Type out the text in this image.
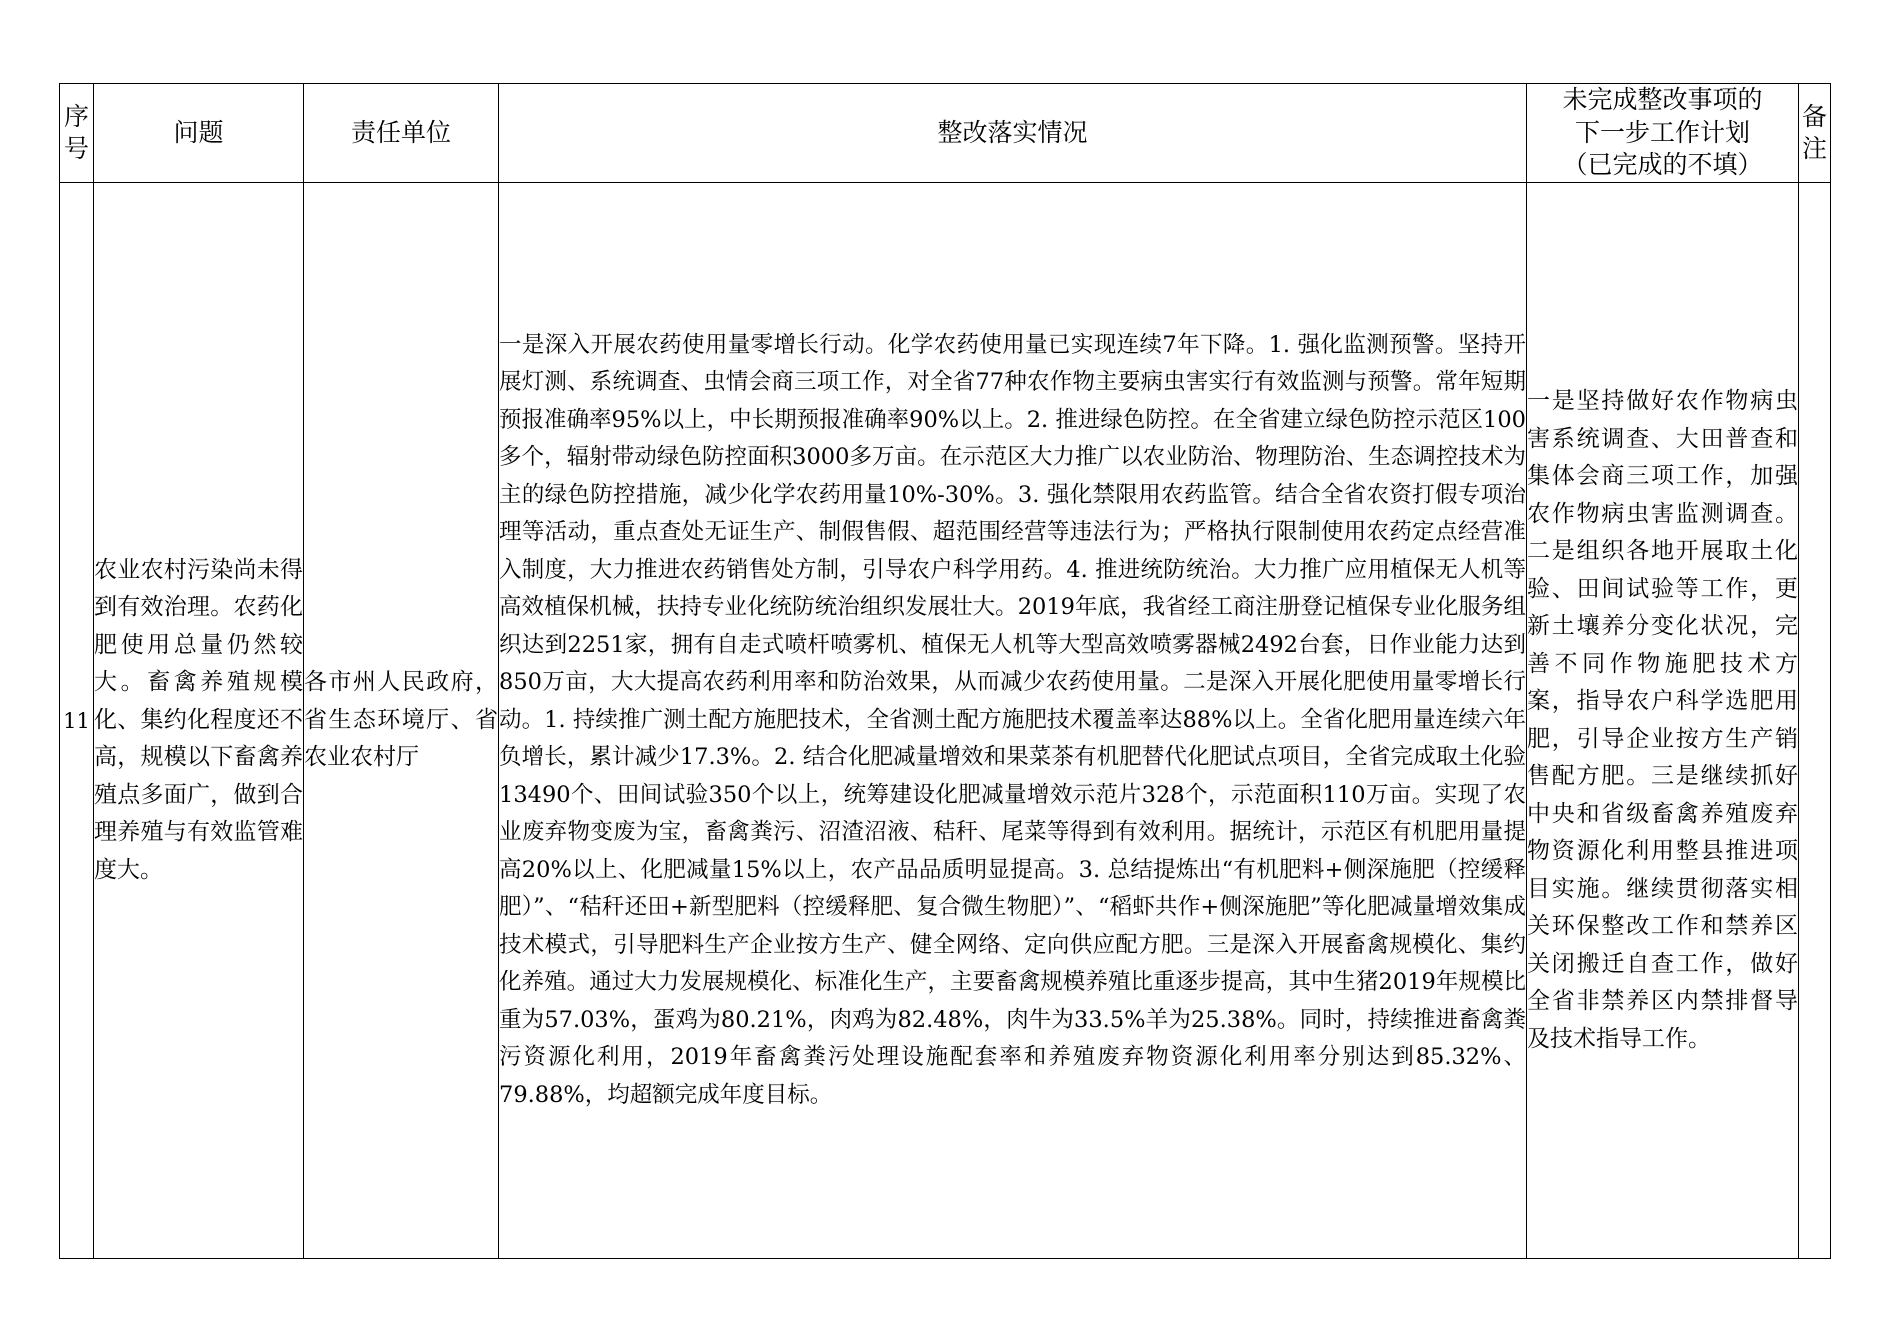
序号	问题	责任单位	整改落实情况	未完成整改事项的
下一步工作计划
（已完成的不填）	备注
11	农业农村污染尚未得到有效治理。农药化肥使用总量仍然较大。畜禽养殖规模化、集约化程度还不高，规模以下畜禽养殖点多面广，做到合理养殖与有效监管难度大。	各市州人民政府，省生态环境厅、省农业农村厅	一是深入开展农药使用量零增长行动。化学农药使用量已实现连续7年下降。1. 强化监测预警。坚持开展灯测、系统调查、虫情会商三项工作，对全省77种农作物主要病虫害实行有效监测与预警。常年短期预报准确率95%以上，中长期预报准确率90%以上。2. 推进绿色防控。在全省建立绿色防控示范区100多个，辐射带动绿色防控面积3000多万亩。在示范区大力推广以农业防治、物理防治、生态调控技术为主的绿色防控措施，减少化学农药用量10%-30%。3. 强化禁限用农药监管。结合全省农资打假专项治理等活动，重点查处无证生产、制假售假、超范围经营等违法行为；严格执行限制使用农药定点经营准入制度，大力推进农药销售处方制，引导农户科学用药。4. 推进统防统治。大力推广应用植保无人机等高效植保机械，扶持专业化统防统治组织发展壮大。2019年底，我省经工商注册登记植保专业化服务组织达到2251家，拥有自走式喷杆喷雾机、植保无人机等大型高效喷雾器械2492台套，日作业能力达到850万亩，大大提高农药利用率和防治效果，从而减少农药使用量。二是深入开展化肥使用量零增长行动。1. 持续推广测土配方施肥技术，全省测土配方施肥技术覆盖率达88%以上。全省化肥用量连续六年负增长，累计减少17.3%。2. 结合化肥减量增效和果菜茶有机肥替代化肥试点项目，全省完成取土化验13490个、田间试验350个以上，统筹建设化肥减量增效示范片328个，示范面积110万亩。实现了农业废弃物变废为宝，畜禽粪污、沼渣沼液、秸秆、尾菜等得到有效利用。据统计，示范区有机肥用量提高20%以上、化肥减量15%以上，农产品品质明显提高。3. 总结提炼出“有机肥料+侧深施肥（控缓释肥）”、“秸秆还田+新型肥料（控缓释肥、复合微生物肥）”、“稻虾共作+侧深施肥”等化肥减量增效集成技术模式，引导肥料生产企业按方生产、健全网络、定向供应配方肥。三是深入开展畜禽规模化、集约化养殖。通过大力发展规模化、标准化生产，主要畜禽规模养殖比重逐步提高，其中生猪2019年规模比重为57.03%，蛋鸡为80.21%，肉鸡为82.48%，肉牛为33.5%羊为25.38%。同时，持续推进畜禽粪污资源化利用，2019年畜禽粪污处理设施配套率和养殖废弃物资源化利用率分别达到85.32%、79.88%，均超额完成年度目标。	一是坚持做好农作物病虫害系统调查、大田普查和集体会商三项工作，加强农作物病虫害监测调查。二是组织各地开展取土化验、田间试验等工作，更新土壤养分变化状况，完善不同作物施肥技术方案，指导农户科学选肥用肥，引导企业按方生产销售配方肥。三是继续抓好中央和省级畜禽养殖废弃物资源化利用整县推进项目实施。继续贯彻落实相关环保整改工作和禁养区关闭搬迁自查工作，做好全省非禁养区内禁排督导及技术指导工作。	
